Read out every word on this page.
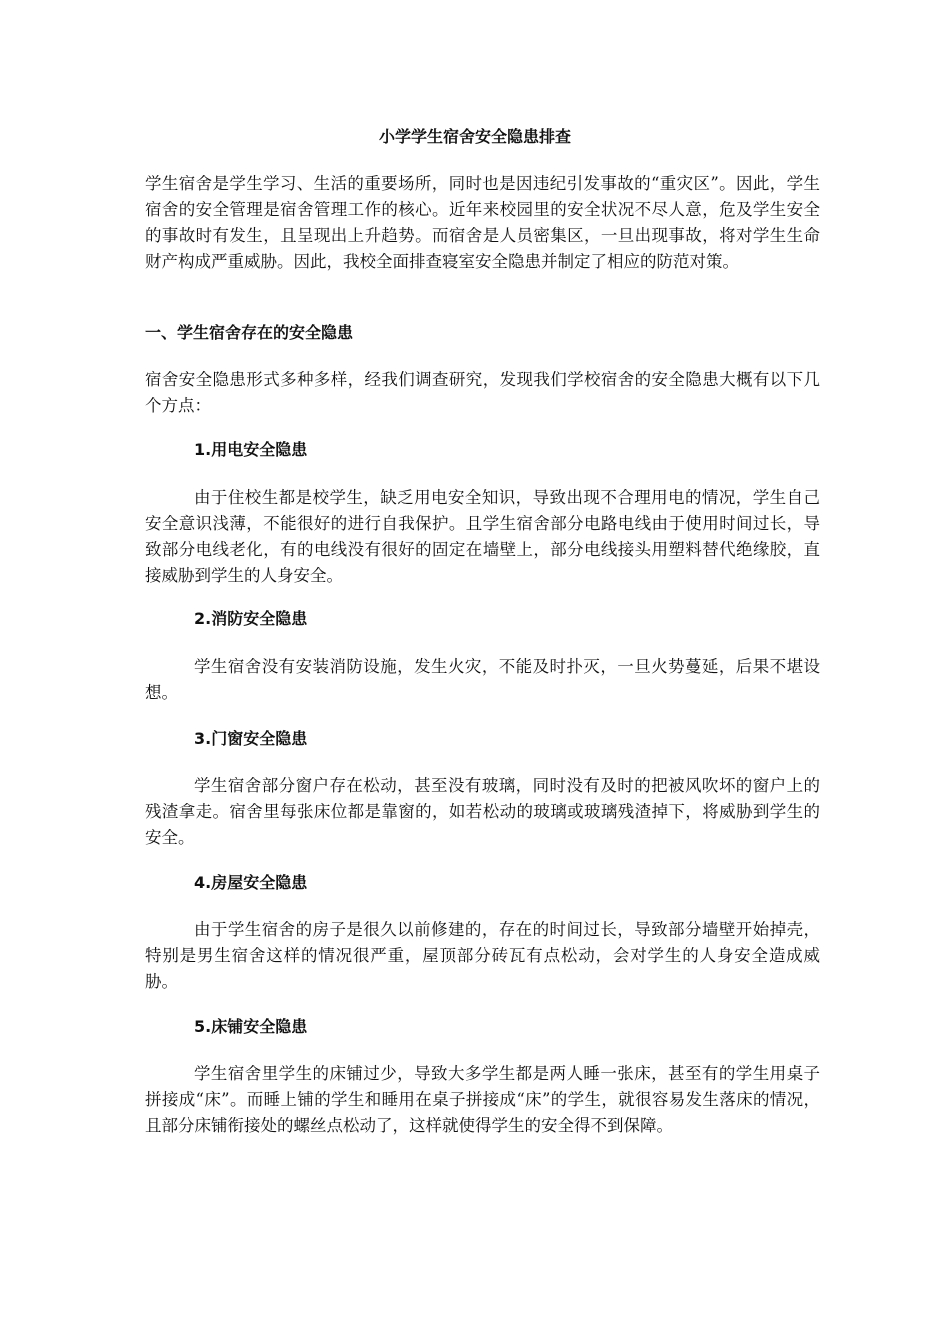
小学学生宿舍安全隐患排查

学生宿舍是学生学习、生活的重要场所，同时也是因违纪引发事故的“重灾区”。因此，学生宿舍的安全管理是宿舍管理工作的核心。近年来校园里的安全状况不尽人意，危及学生安全的事故时有发生，且呈现出上升趋势。而宿舍是人员密集区，一旦出现事故，将对学生生命财产构成严重威胁。因此，我校全面排查寝室安全隐患并制定了相应的防范对策。

一、学生宿舍存在的安全隐患

宿舍安全隐患形式多种多样，经我们调查研究，发现我们学校宿舍的安全隐患大概有以下几个方点：

1.用电安全隐患

由于住校生都是校学生，缺乏用电安全知识，导致出现不合理用电的情况，学生自己安全意识浅薄，不能很好的进行自我保护。且学生宿舍部分电路电线由于使用时间过长，导致部分电线老化，有的电线没有很好的固定在墙壁上，部分电线接头用塑料替代绝缘胶，直接威胁到学生的人身安全。

2.消防安全隐患

学生宿舍没有安装消防设施，发生火灾，不能及时扑灭，一旦火势蔓延，后果不堪设想。

3.门窗安全隐患

学生宿舍部分窗户存在松动，甚至没有玻璃，同时没有及时的把被风吹坏的窗户上的残渣拿走。宿舍里每张床位都是靠窗的，如若松动的玻璃或玻璃残渣掉下，将威胁到学生的安全。

4.房屋安全隐患

由于学生宿舍的房子是很久以前修建的，存在的时间过长，导致部分墙壁开始掉壳，特别是男生宿舍这样的情况很严重，屋顶部分砖瓦有点松动，会对学生的人身安全造成威胁。

5.床铺安全隐患

学生宿舍里学生的床铺过少，导致大多学生都是两人睡一张床，甚至有的学生用桌子拼接成“床”。而睡上铺的学生和睡用在桌子拼接成“床”的学生，就很容易发生落床的情况，且部分床铺衔接处的螺丝点松动了，这样就使得学生的安全得不到保障。
